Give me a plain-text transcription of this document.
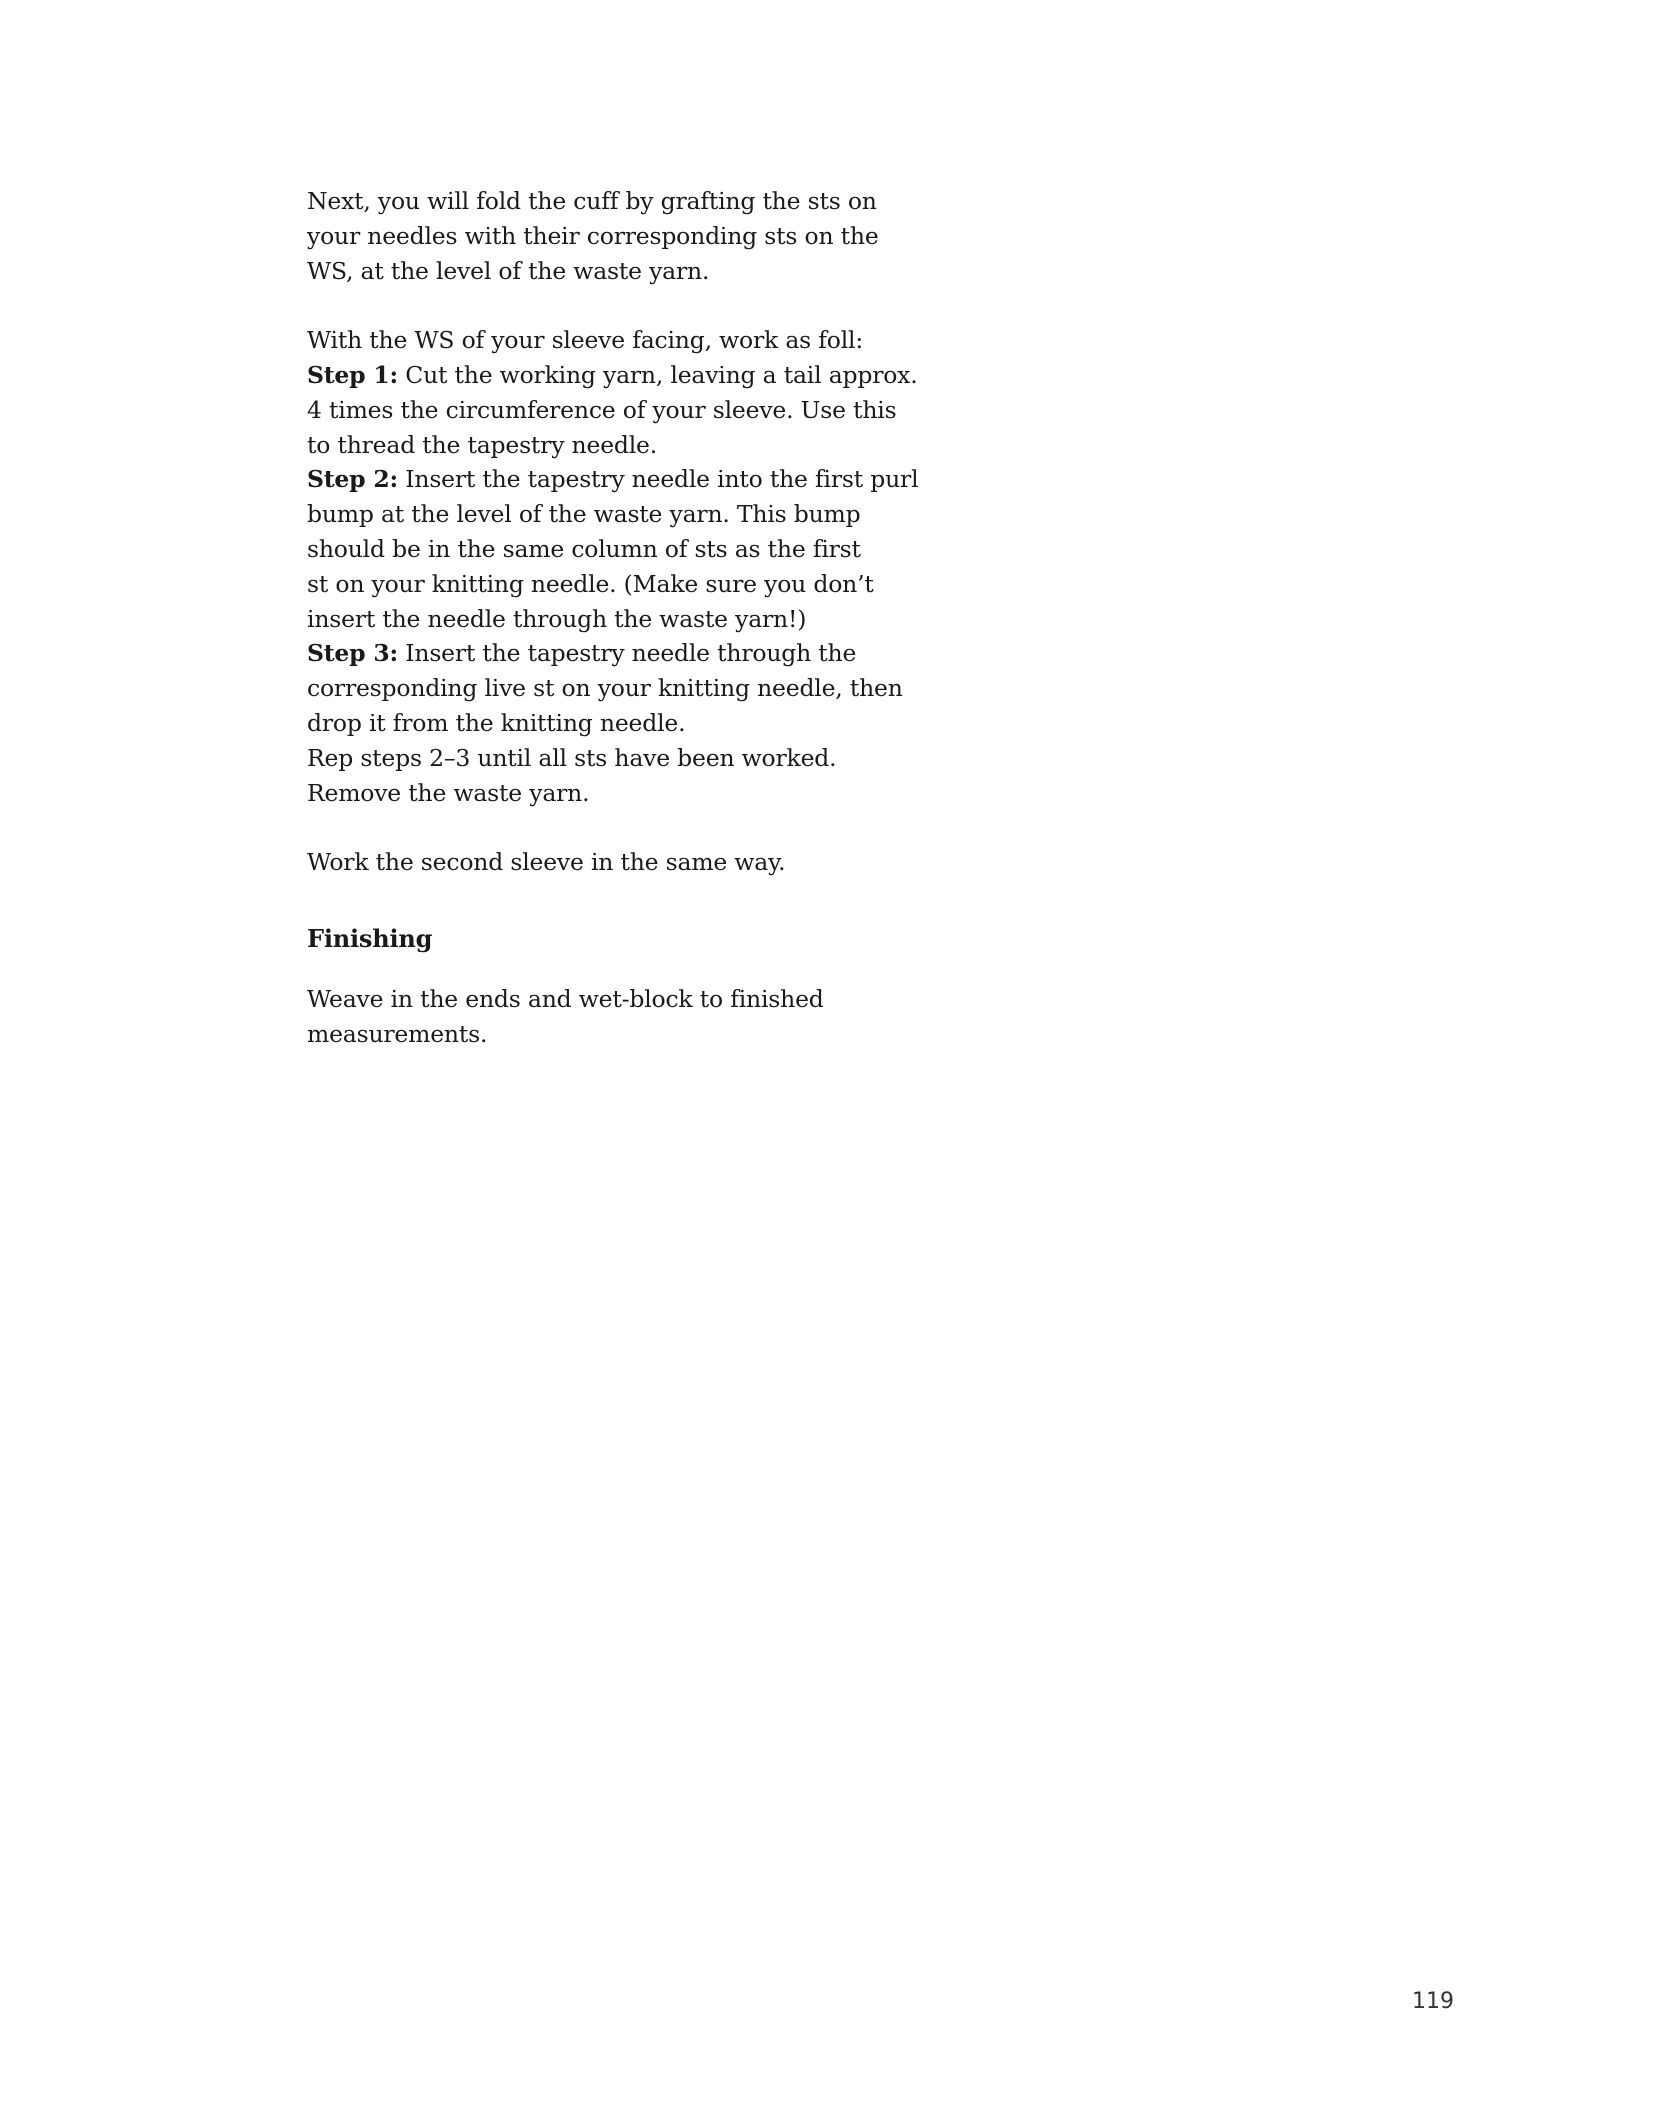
Next, you will fold the cuff by grafting the sts on
your needles with their corresponding sts on the
WS, at the level of the waste yarn.

With the WS of your sleeve facing, work as foll:
Step 1: Cut the working yarn, leaving a tail approx.
4 times the circumference of your sleeve. Use this
to thread the tapestry needle.
Step 2: Insert the tapestry needle into the first purl
bump at the level of the waste yarn. This bump
should be in the same column of sts as the first
st on your knitting needle. (Make sure you don’t
insert the needle through the waste yarn!)
Step 3: Insert the tapestry needle through the
corresponding live st on your knitting needle, then
drop it from the knitting needle.
Rep steps 2–3 until all sts have been worked.
Remove the waste yarn.

Work the second sleeve in the same way.

Finishing

Weave in the ends and wet-block to finished
measurements.

119
